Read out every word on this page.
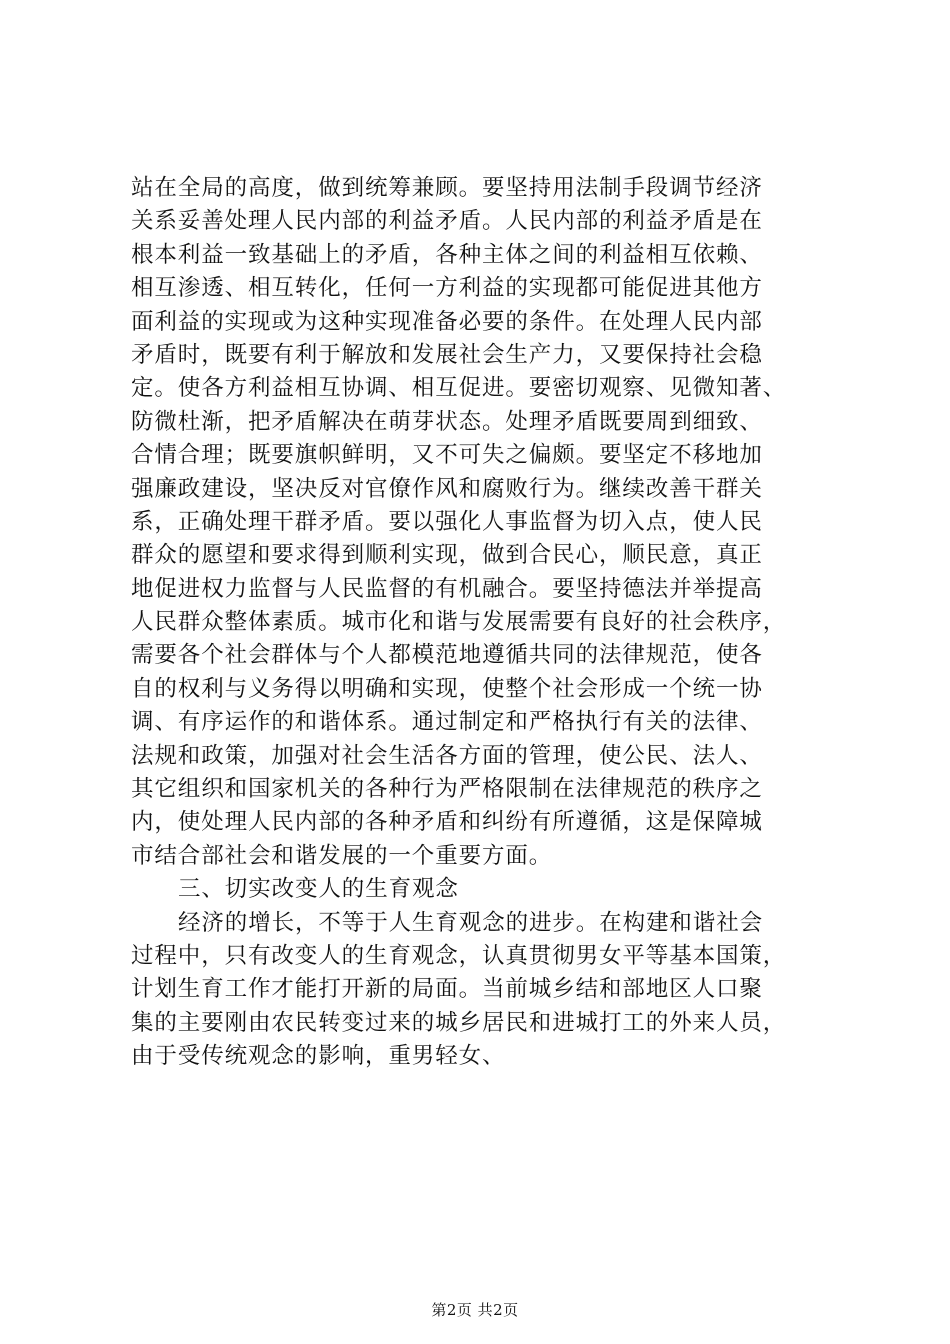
站在全局的高度，做到统筹兼顾。要坚持用法制手段调节经济
关系妥善处理人民内部的利益矛盾。人民内部的利益矛盾是在
根本利益一致基础上的矛盾，各种主体之间的利益相互依赖、
相互渗透、相互转化，任何一方利益的实现都可能促进其他方
面利益的实现或为这种实现准备必要的条件。在处理人民内部
矛盾时，既要有利于解放和发展社会生产力，又要保持社会稳
定。使各方利益相互协调、相互促进。要密切观察、见微知著、
防微杜渐，把矛盾解决在萌芽状态。处理矛盾既要周到细致、
合情合理；既要旗帜鲜明，又不可失之偏颇。要坚定不移地加
强廉政建设，坚决反对官僚作风和腐败行为。继续改善干群关
系，正确处理干群矛盾。要以强化人事监督为切入点，使人民
群众的愿望和要求得到顺利实现，做到合民心，顺民意，真正
地促进权力监督与人民监督的有机融合。要坚持德法并举提高
人民群众整体素质。城市化和谐与发展需要有良好的社会秩序，
需要各个社会群体与个人都模范地遵循共同的法律规范，使各
自的权利与义务得以明确和实现，使整个社会形成一个统一协
调、有序运作的和谐体系。通过制定和严格执行有关的法律、
法规和政策，加强对社会生活各方面的管理，使公民、法人、
其它组织和国家机关的各种行为严格限制在法律规范的秩序之
内，使处理人民内部的各种矛盾和纠纷有所遵循，这是保障城
市结合部社会和谐发展的一个重要方面。
三、切实改变人的生育观念
经济的增长，不等于人生育观念的进步。在构建和谐社会
过程中，只有改变人的生育观念，认真贯彻男女平等基本国策，
计划生育工作才能打开新的局面。当前城乡结和部地区人口聚
集的主要刚由农民转变过来的城乡居民和进城打工的外来人员，
由于受传统观念的影响，重男轻女、
第2页 共2页
